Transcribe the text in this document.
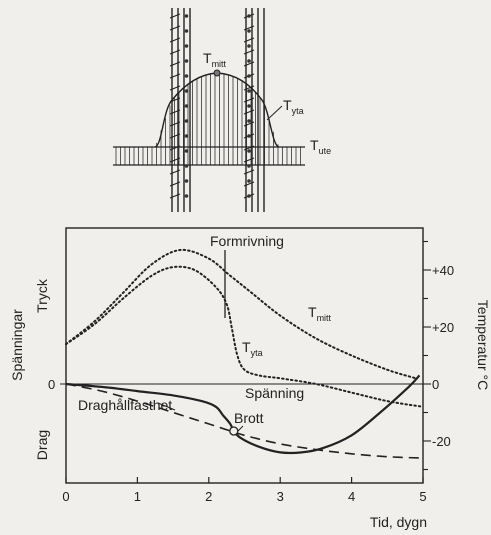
$T_{mitt}$
$T_{yta}$
$T_{ute}$
0	1	2	3	4	5
+40
+20
0
-20
Spänningar
Tryck
Drag
0	Temperatur °C
Tid, dygn
Formrivning
$T_{mitt}$
$T_{yta}$
Spänning
Draghållfasthet
Brott
